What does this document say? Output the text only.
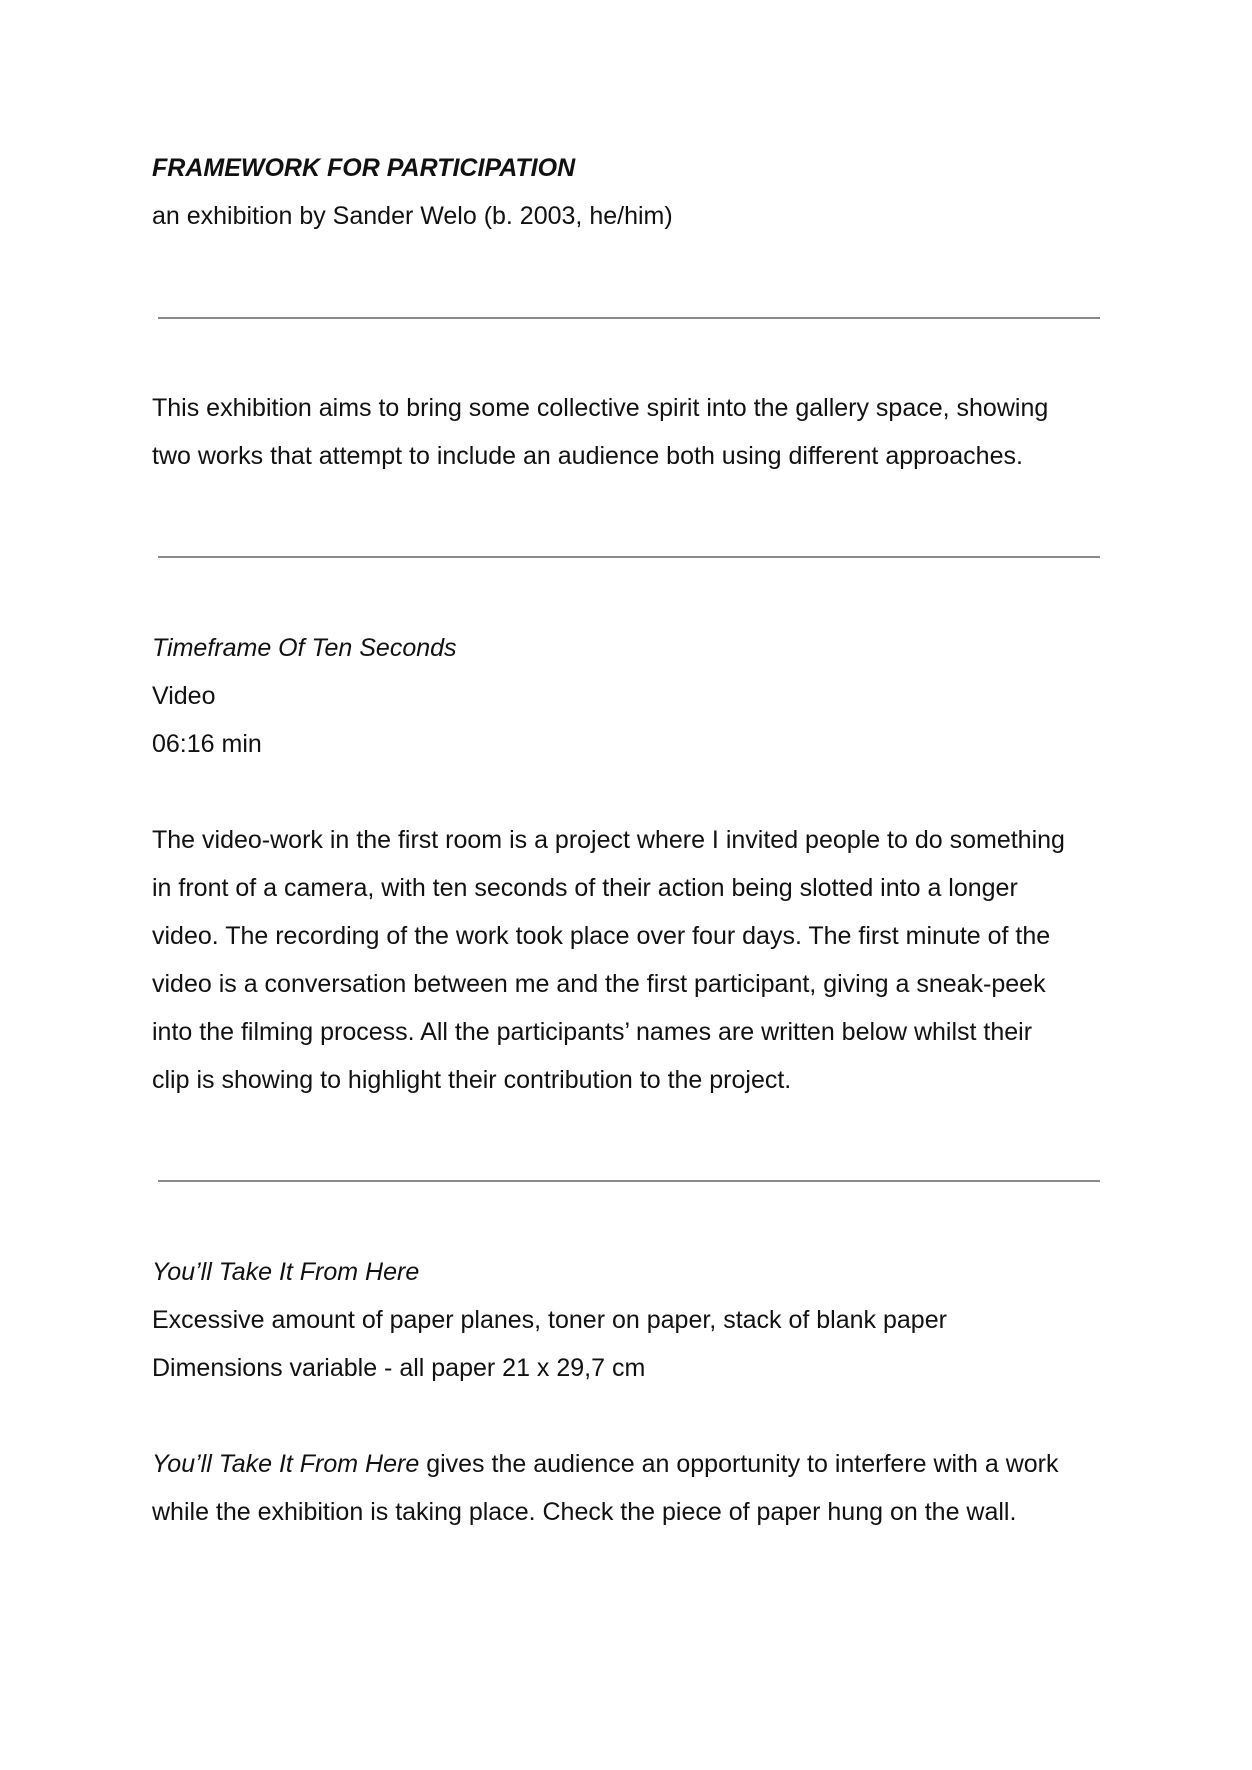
FRAMEWORK FOR PARTICIPATION
an exhibition by Sander Welo (b. 2003, he/him)
This exhibition aims to bring some collective spirit into the gallery space, showing
two works that attempt to include an audience both using different approaches.
Timeframe Of Ten Seconds
Video
06:16 min
The video-work in the first room is a project where I invited people to do something
in front of a camera, with ten seconds of their action being slotted into a longer
video. The recording of the work took place over four days. The first minute of the
video is a conversation between me and the first participant, giving a sneak-peek
into the filming process. All the participants’ names are written below whilst their
clip is showing to highlight their contribution to the project.
You’ll Take It From Here
Excessive amount of paper planes, toner on paper, stack of blank paper
Dimensions variable - all paper 21 x 29,7 cm
You’ll Take It From Here gives the audience an opportunity to interfere with a work
while the exhibition is taking place. Check the piece of paper hung on the wall.
